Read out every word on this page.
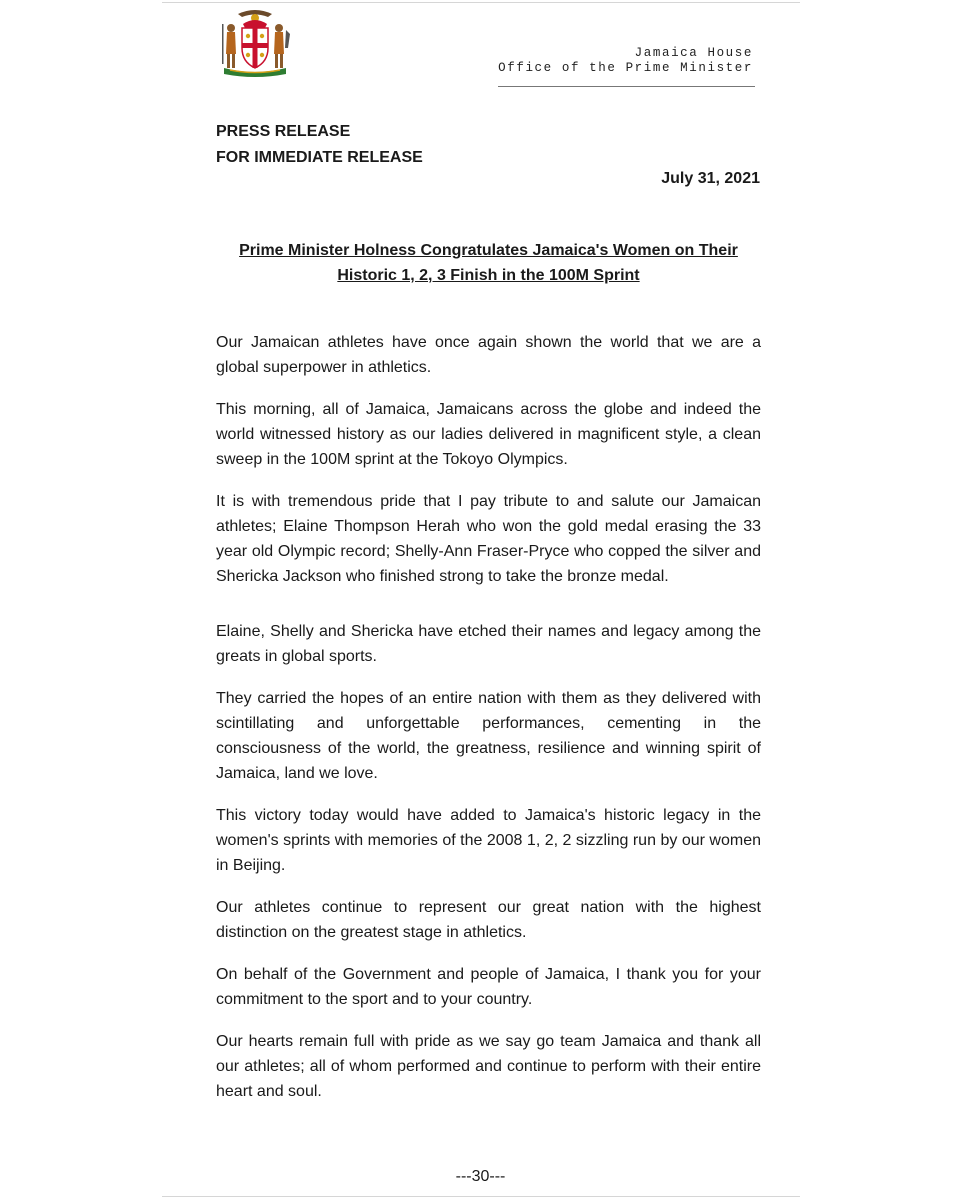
Jamaica House
Office of the Prime Minister
PRESS RELEASE
FOR IMMEDIATE RELEASE
July 31, 2021
Prime Minister Holness Congratulates Jamaica's Women on Their
Historic 1, 2, 3 Finish in the 100M Sprint

Our Jamaican athletes have once again shown the world that we are a global superpower in athletics.

This morning, all of Jamaica, Jamaicans across the globe and indeed the world witnessed history as our ladies delivered in magnificent style, a clean sweep in the 100M sprint at the Tokoyo Olympics.

It is with tremendous pride that I pay tribute to and salute our Jamaican athletes; Elaine Thompson Herah who won the gold medal erasing the 33 year old Olympic record; Shelly-Ann Fraser-Pryce who copped the silver and Shericka Jackson who finished strong to take the bronze medal.

Elaine, Shelly and Shericka have etched their names and legacy among the greats in global sports.

They carried the hopes of an entire nation with them as they delivered with scintillating and unforgettable performances, cementing in the consciousness of the world, the greatness, resilience and winning spirit of Jamaica, land we love.

This victory today would have added to Jamaica's historic legacy in the women's sprints with memories of the 2008 1, 2, 2 sizzling run by our women in Beijing.

Our athletes continue to represent our great nation with the highest distinction on the greatest stage in athletics.

On behalf of the Government and people of Jamaica, I thank you for your commitment to the sport and to your country.

Our hearts remain full with pride as we say go team Jamaica and thank all our athletes; all of whom performed and continue to perform with their entire heart and soul.

---30---
